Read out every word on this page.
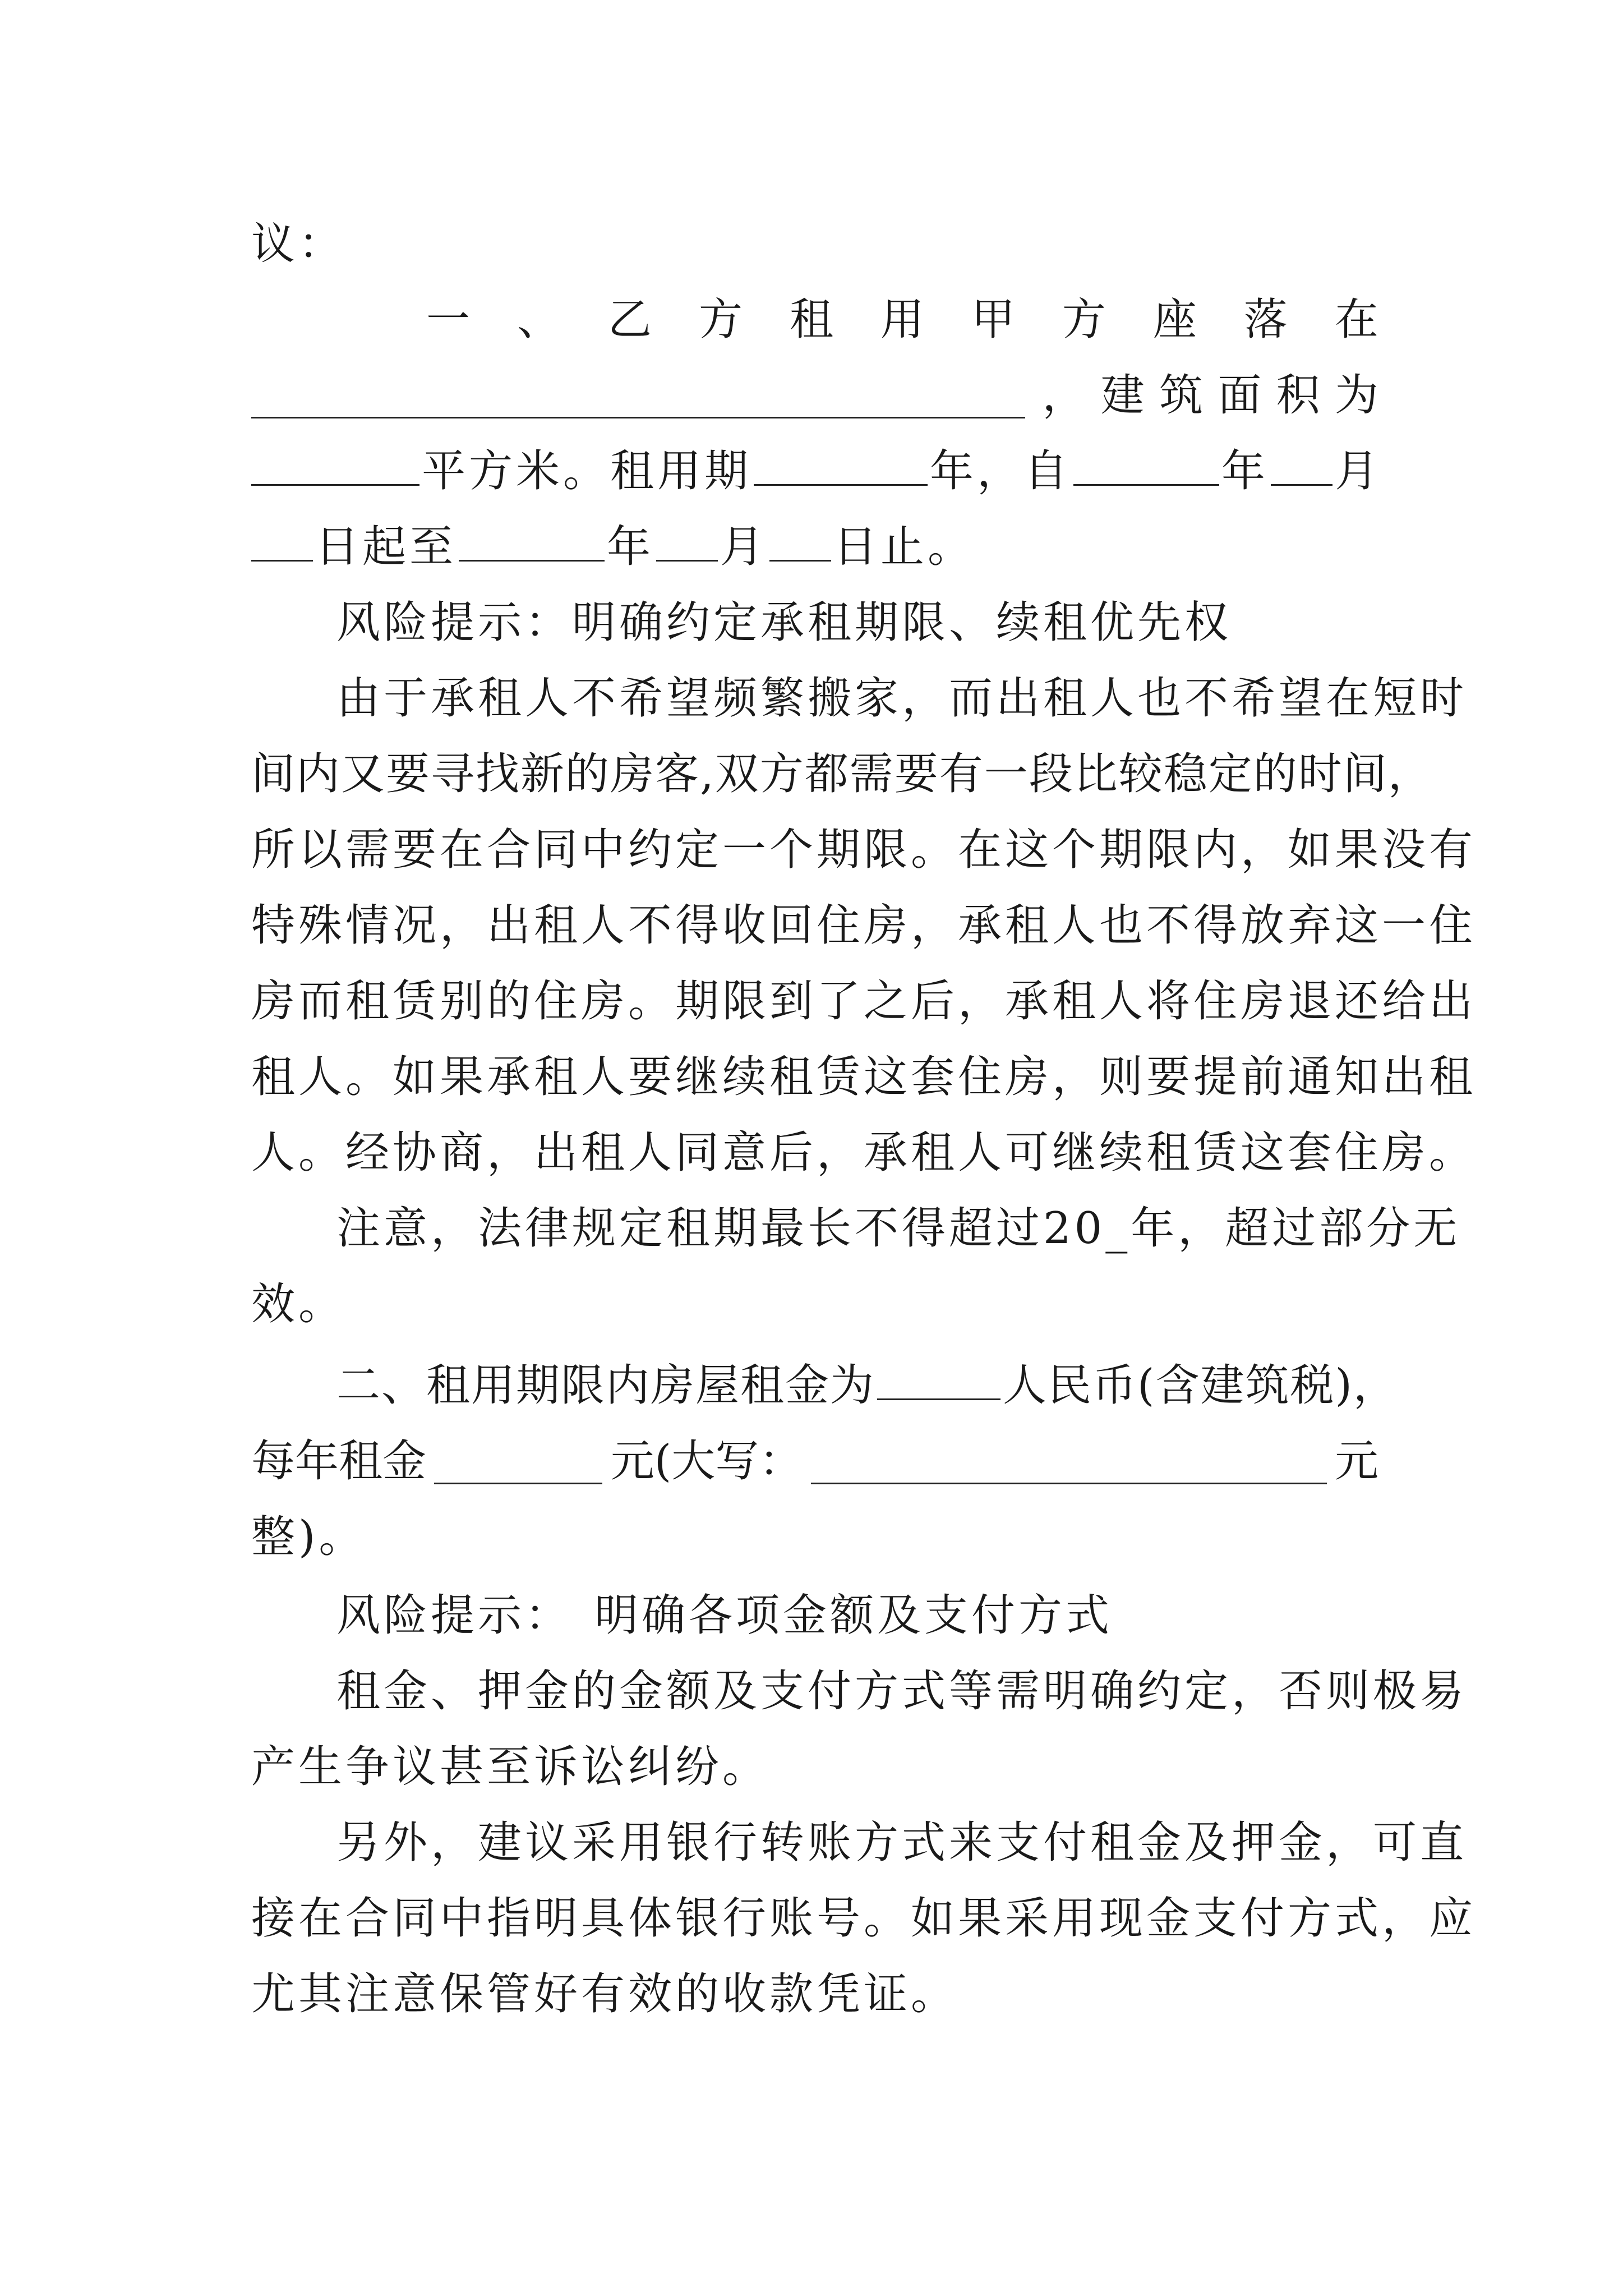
议：
一 、 乙 方 租 用 甲 方 座 落 在
， 建 筑 面 积 为
平方米。租用期	年，自	年 月
日起至	年 月 日止。
风险提示：明确约定承租期限、续租优先权
由于承租人不希望频繁搬家，而出租人也不希望在短时
间内又要寻找新的房客,双方都需要有一段比较稳定的时间，
所以需要在合同中约定一个期限。在这个期限内，如果没有
特殊情况，出租人不得收回住房，承租人也不得放弃这一住
房而租赁别的住房。期限到了之后，承租人将住房退还给出
租人。如果承租人要继续租赁这套住房，则要提前通知出租
人。经协商，出租人同意后，承租人可继续租赁这套住房。
注意，法律规定租期最长不得超过20_年，超过部分无
效。
二、租用期限内房屋租金为	人民币(含建筑税)，
每年租金	元(大写：	元
整)。
风险提示： 明确各项金额及支付方式
租金、押金的金额及支付方式等需明确约定，否则极易
产生争议甚至诉讼纠纷。
另外，建议采用银行转账方式来支付租金及押金，可直
接在合同中指明具体银行账号。如果采用现金支付方式，应
尤其注意保管好有效的收款凭证。
